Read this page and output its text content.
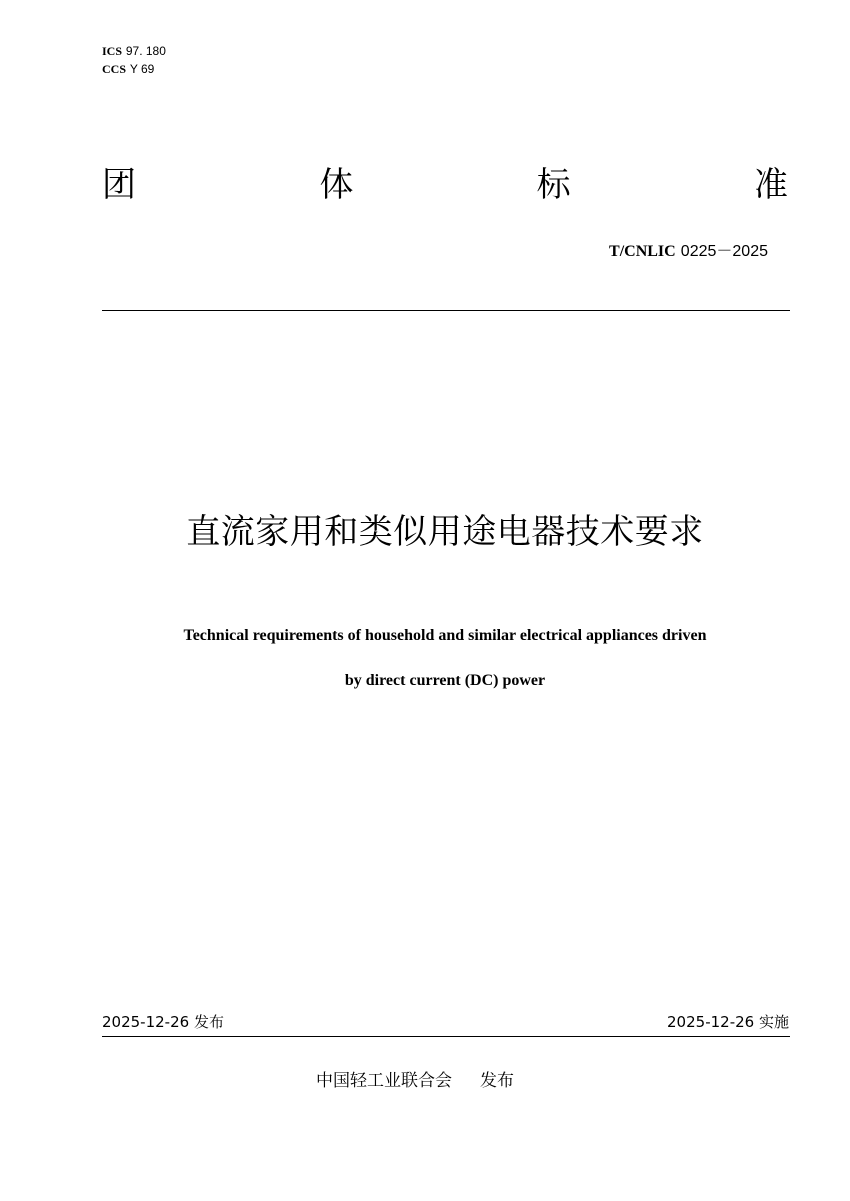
ICS 97. 180
CCS Y 69
团	体	标	准
T/CNLIC 0225－2025
直流家用和类似用途电器技术要求
Technical requirements of household and similar electrical appliances driven
by direct current (DC) power
2025-12-26 发布	2025-12-26 实施
中国轻工业联合会 发布
